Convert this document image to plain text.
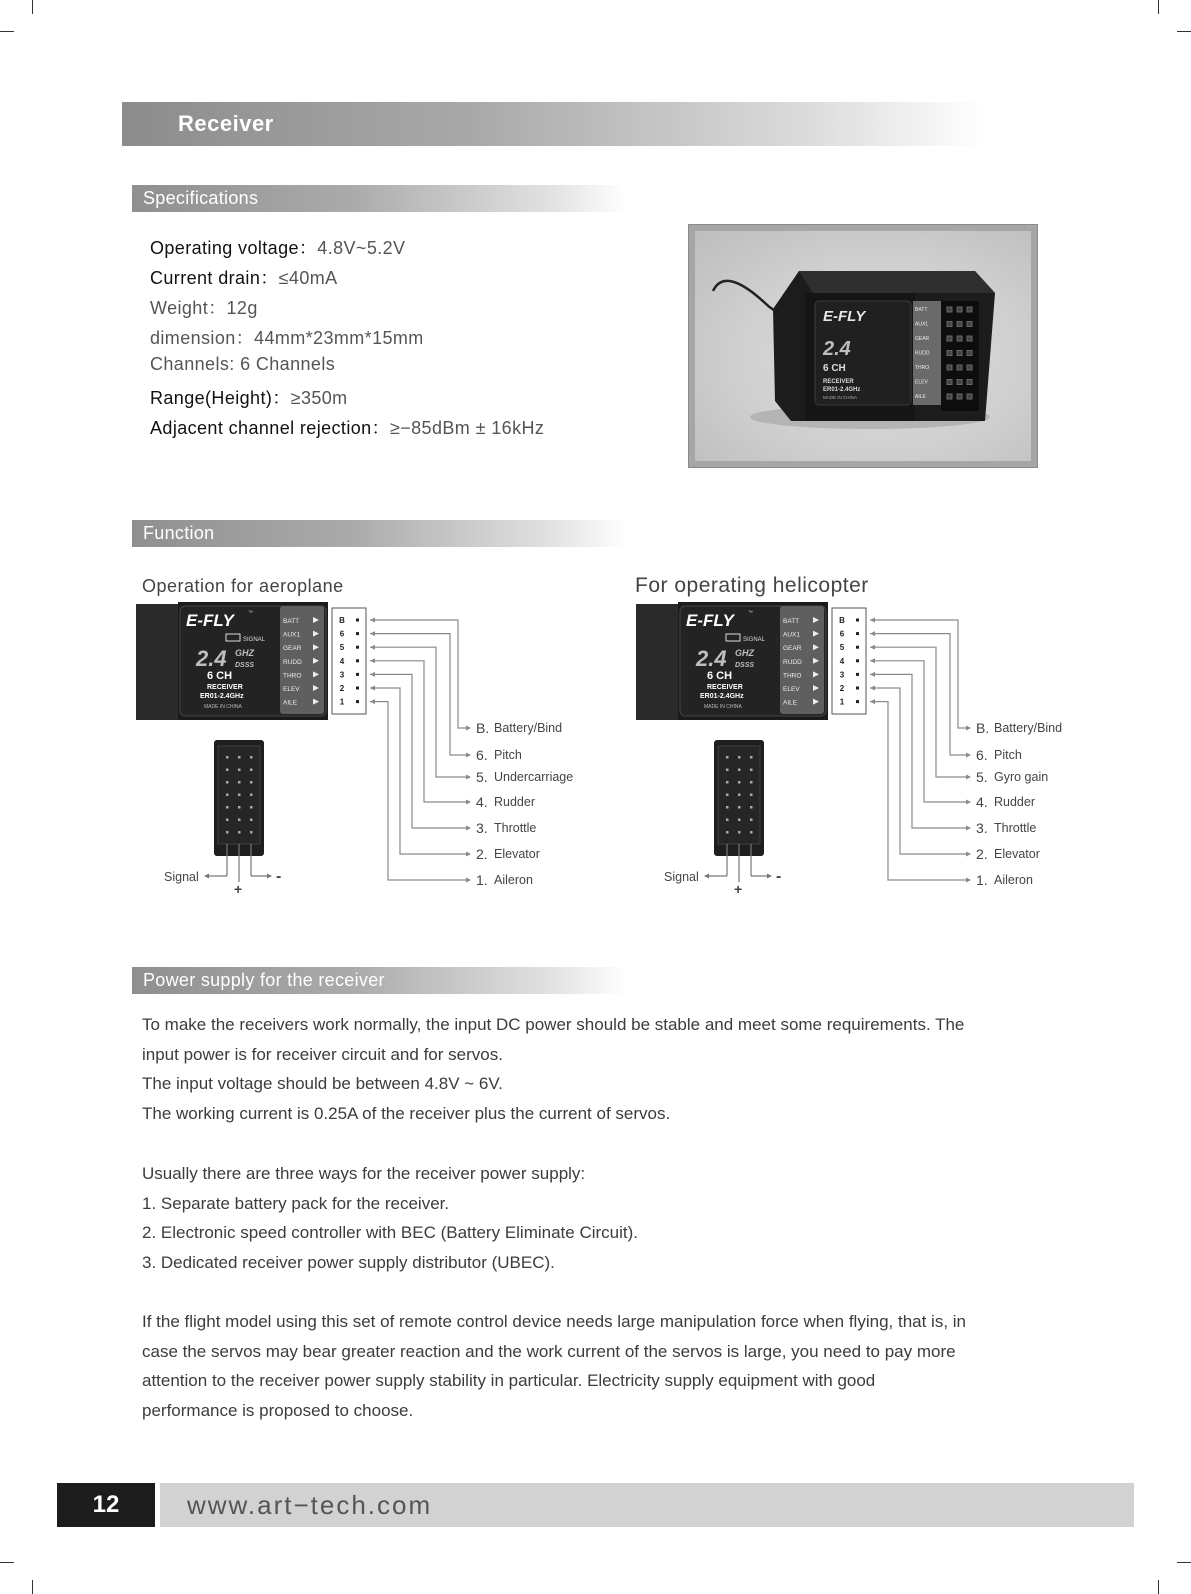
Receiver
Specifications
Operating voltage：4.8V~5.2V
Current drain：≤40mA
Weight：12g
dimension：44mm*23mm*15mm
Channels: 6 Channels
Range(Height)：≥350m
Adjacent channel rejection：≥−85dBm ± 16kHz
E-FLY
2.4
6 CH
RECEIVER
ER01-2.4GHz
MADE IN CHINA
BATT
AUX1
GEAR
RUDD
THRO
ELEV
AILE
Function
Operation for aeroplane	For operating helicopter
E-FLY	™
SIGNAL
2.4 GHZ
DSSS
6 CH
RECEIVER
ER01-2.4GHz
MADE IN CHINA
BATT
AUX1
GEAR
RUDD
THRO
ELEV
AILE
B
6
5
4
3
2
1
B. Battery/Bind
6. Pitch
5. Undercarriage
4. Rudder
3. Throttle
2. Elevator
1. Aileron
Signal
+
-
E-FLY	™
SIGNAL
2.4 GHZ
DSSS
6 CH
RECEIVER
ER01-2.4GHz
MADE IN CHINA
BATT
AUX1
GEAR
RUDD
THRO
ELEV
AILE
B
6
5
4
3
2
1
B. Battery/Bind
6. Pitch
5. Gyro gain
4. Rudder
3. Throttle
2. Elevator
1. Aileron
Signal
+
-
Power supply for the receiver
To make the receivers work normally, the input DC power should be stable and meet some requirements. The
input power is for receiver circuit and for servos.
The input voltage should be between 4.8V ~ 6V.
The working current is 0.25A of the receiver plus the current of servos.
Usually there are three ways for the receiver power supply:
1. Separate battery pack for the receiver.
2. Electronic speed controller with BEC (Battery Eliminate Circuit).
3. Dedicated receiver power supply distributor (UBEC).
If the flight model using this set of remote control device needs large manipulation force when flying, that is, in
case the servos may bear greater reaction and the work current of the servos is large, you need to pay more
attention to the receiver power supply stability in particular. Electricity supply equipment with good
performance is proposed to choose.
12	www.art−tech.com
